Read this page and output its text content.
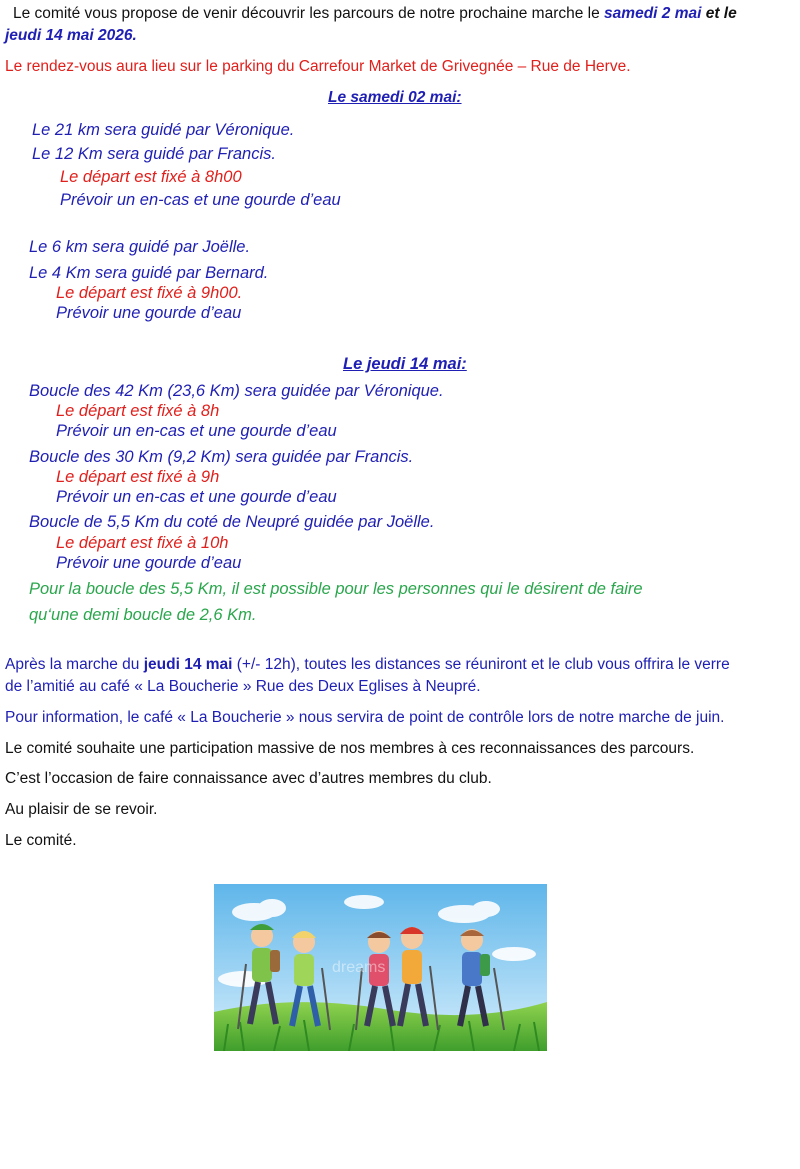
Le comité vous propose de venir découvrir les parcours de notre prochaine marche le samedi 2 mai et le

jeudi 14 mai 2026.

Le rendez-vous aura lieu sur le parking du Carrefour Market de Grivegnée – Rue de Herve.

Le samedi 02 mai:

Le 21 km sera guidé par Véronique.

Le 12 Km sera guidé par Francis.

Le départ est fixé à 8h00

Prévoir un en-cas et une gourde d’eau

Le 6 km sera guidé par Joëlle.

Le 4 Km sera guidé par Bernard.

Le départ est fixé à 9h00.

Prévoir une gourde d’eau

Le jeudi 14 mai:

Boucle des 42 Km (23,6 Km) sera guidée par Véronique.

Le départ est fixé à 8h

Prévoir un en-cas et une gourde d’eau

Boucle des 30 Km (9,2 Km) sera guidée par Francis.

Le départ est fixé à 9h

Prévoir un en-cas et une gourde d’eau

Boucle de 5,5 Km du coté de Neupré guidée par Joëlle.

Le départ est fixé à 10h

Prévoir une gourde d’eau

Pour la boucle des 5,5 Km, il est possible pour les personnes qui le désirent de faire

qu‘une demi boucle de 2,6 Km.

Après la marche du jeudi 14 mai (+/- 12h), toutes les distances se réuniront et le club vous offrira le verre

de l’amitié au café « La Boucherie » Rue des Deux Eglises à Neupré.

Pour information, le café « La Boucherie » nous servira de point de contrôle lors de notre marche de juin.

Le comité souhaite une participation massive de nos membres à ces reconnaissances des parcours.

C’est l’occasion de faire connaissance avec d’autres membres du club.

Au plaisir de se revoir.

Le comité.

dreams
